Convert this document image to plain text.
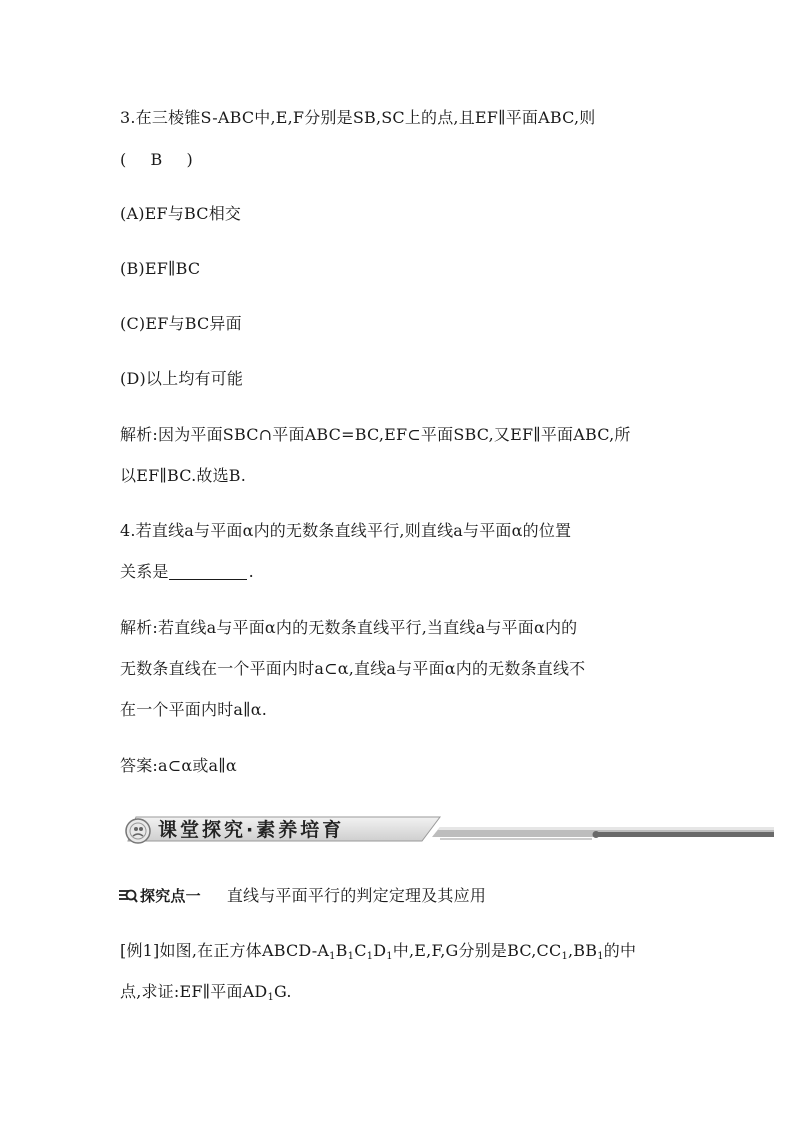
3.在三棱锥S-ABC中,E,F分别是SB,SC上的点,且EF∥平面ABC,则
( B )
(A)EF与BC相交
(B)EF∥BC
(C)EF与BC异面
(D)以上均有可能
解析:因为平面SBC∩平面ABC=BC,EF⊂平面SBC,又EF∥平面ABC,所
以EF∥BC.故选B.
4.若直线a与平面α内的无数条直线平行,则直线a与平面α的位置
关系是	.
解析:若直线a与平面α内的无数条直线平行,当直线a与平面α内的
无数条直线在一个平面内时a⊂α,直线a与平面α内的无数条直线不
在一个平面内时a∥α.
答案:a⊂α或a∥α
课堂探究·素养培育
探究点一 直线与平面平行的判定定理及其应用
[例1]如图,在正方体ABCD-$A_1B_1C_1D_1$中,E,F,G分别是$BC,CC_1,BB_1$的中
点,求证:EF∥平面$AD_1G$.
